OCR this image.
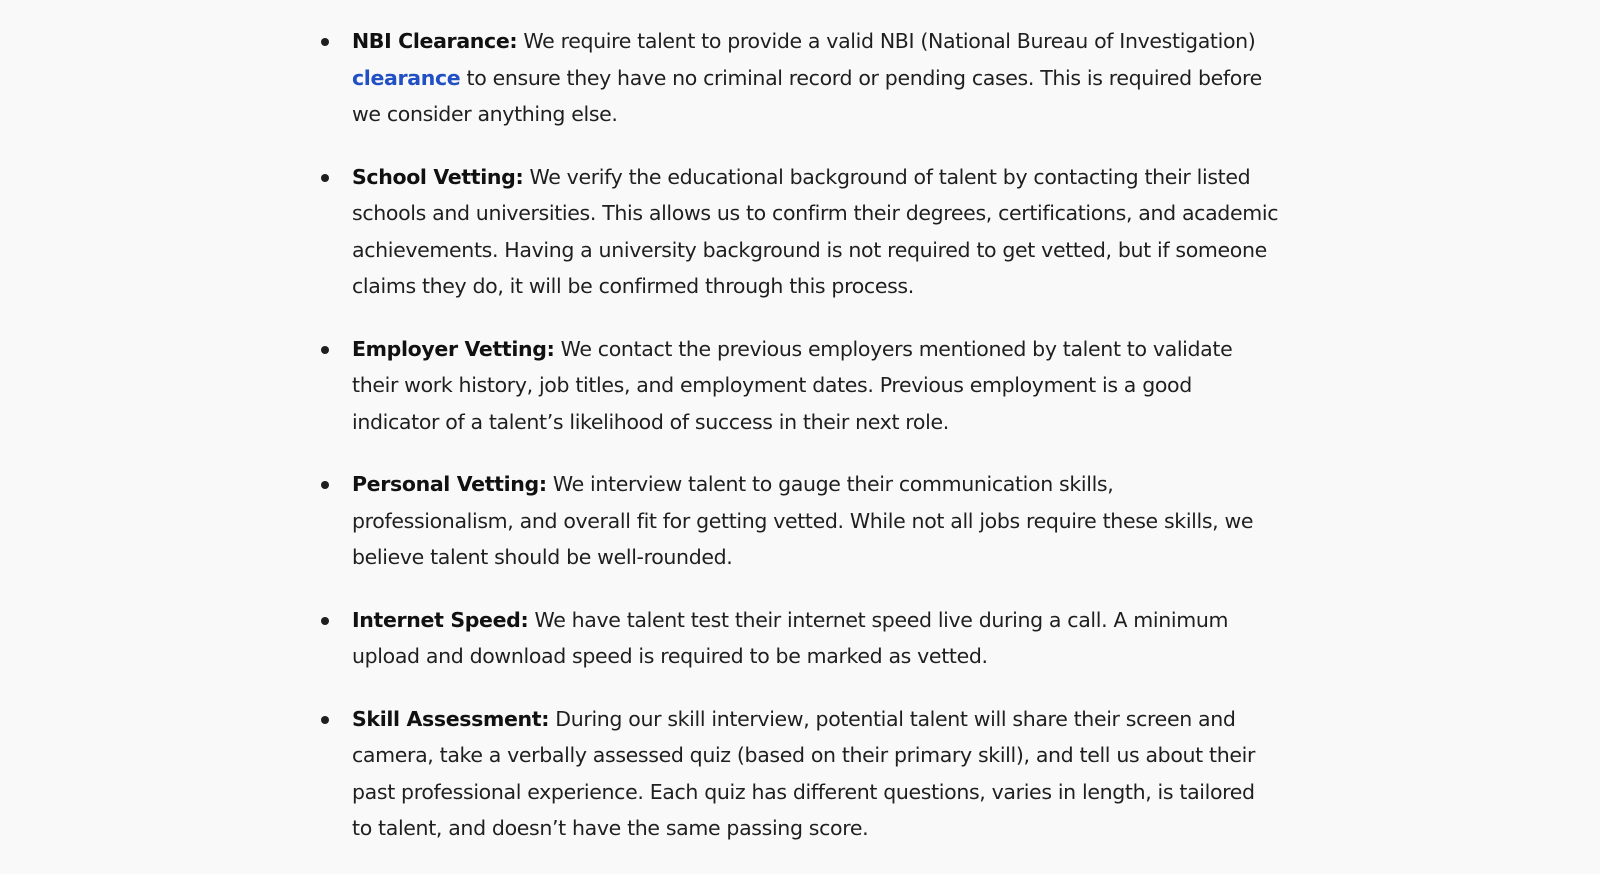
NBI Clearance: We require talent to provide a valid NBI (National Bureau of Investigation) clearance to ensure they have no criminal record or pending cases. This is required before we consider anything else.
School Vetting: We verify the educational background of talent by contacting their listed schools and universities. This allows us to confirm their degrees, certifications, and academic achievements. Having a university background is not required to get vetted, but if someone claims they do, it will be confirmed through this process.
Employer Vetting: We contact the previous employers mentioned by talent to validate their work history, job titles, and employment dates. Previous employment is a good indicator of a talent’s likelihood of success in their next role.
Personal Vetting: We interview talent to gauge their communication skills, professionalism, and overall fit for getting vetted. While not all jobs require these skills, we believe talent should be well-rounded.
Internet Speed: We have talent test their internet speed live during a call. A minimum upload and download speed is required to be marked as vetted.
Skill Assessment: During our skill interview, potential talent will share their screen and camera, take a verbally assessed quiz (based on their primary skill), and tell us about their past professional experience. Each quiz has different questions, varies in length, is tailored to talent, and doesn’t have the same passing score.
